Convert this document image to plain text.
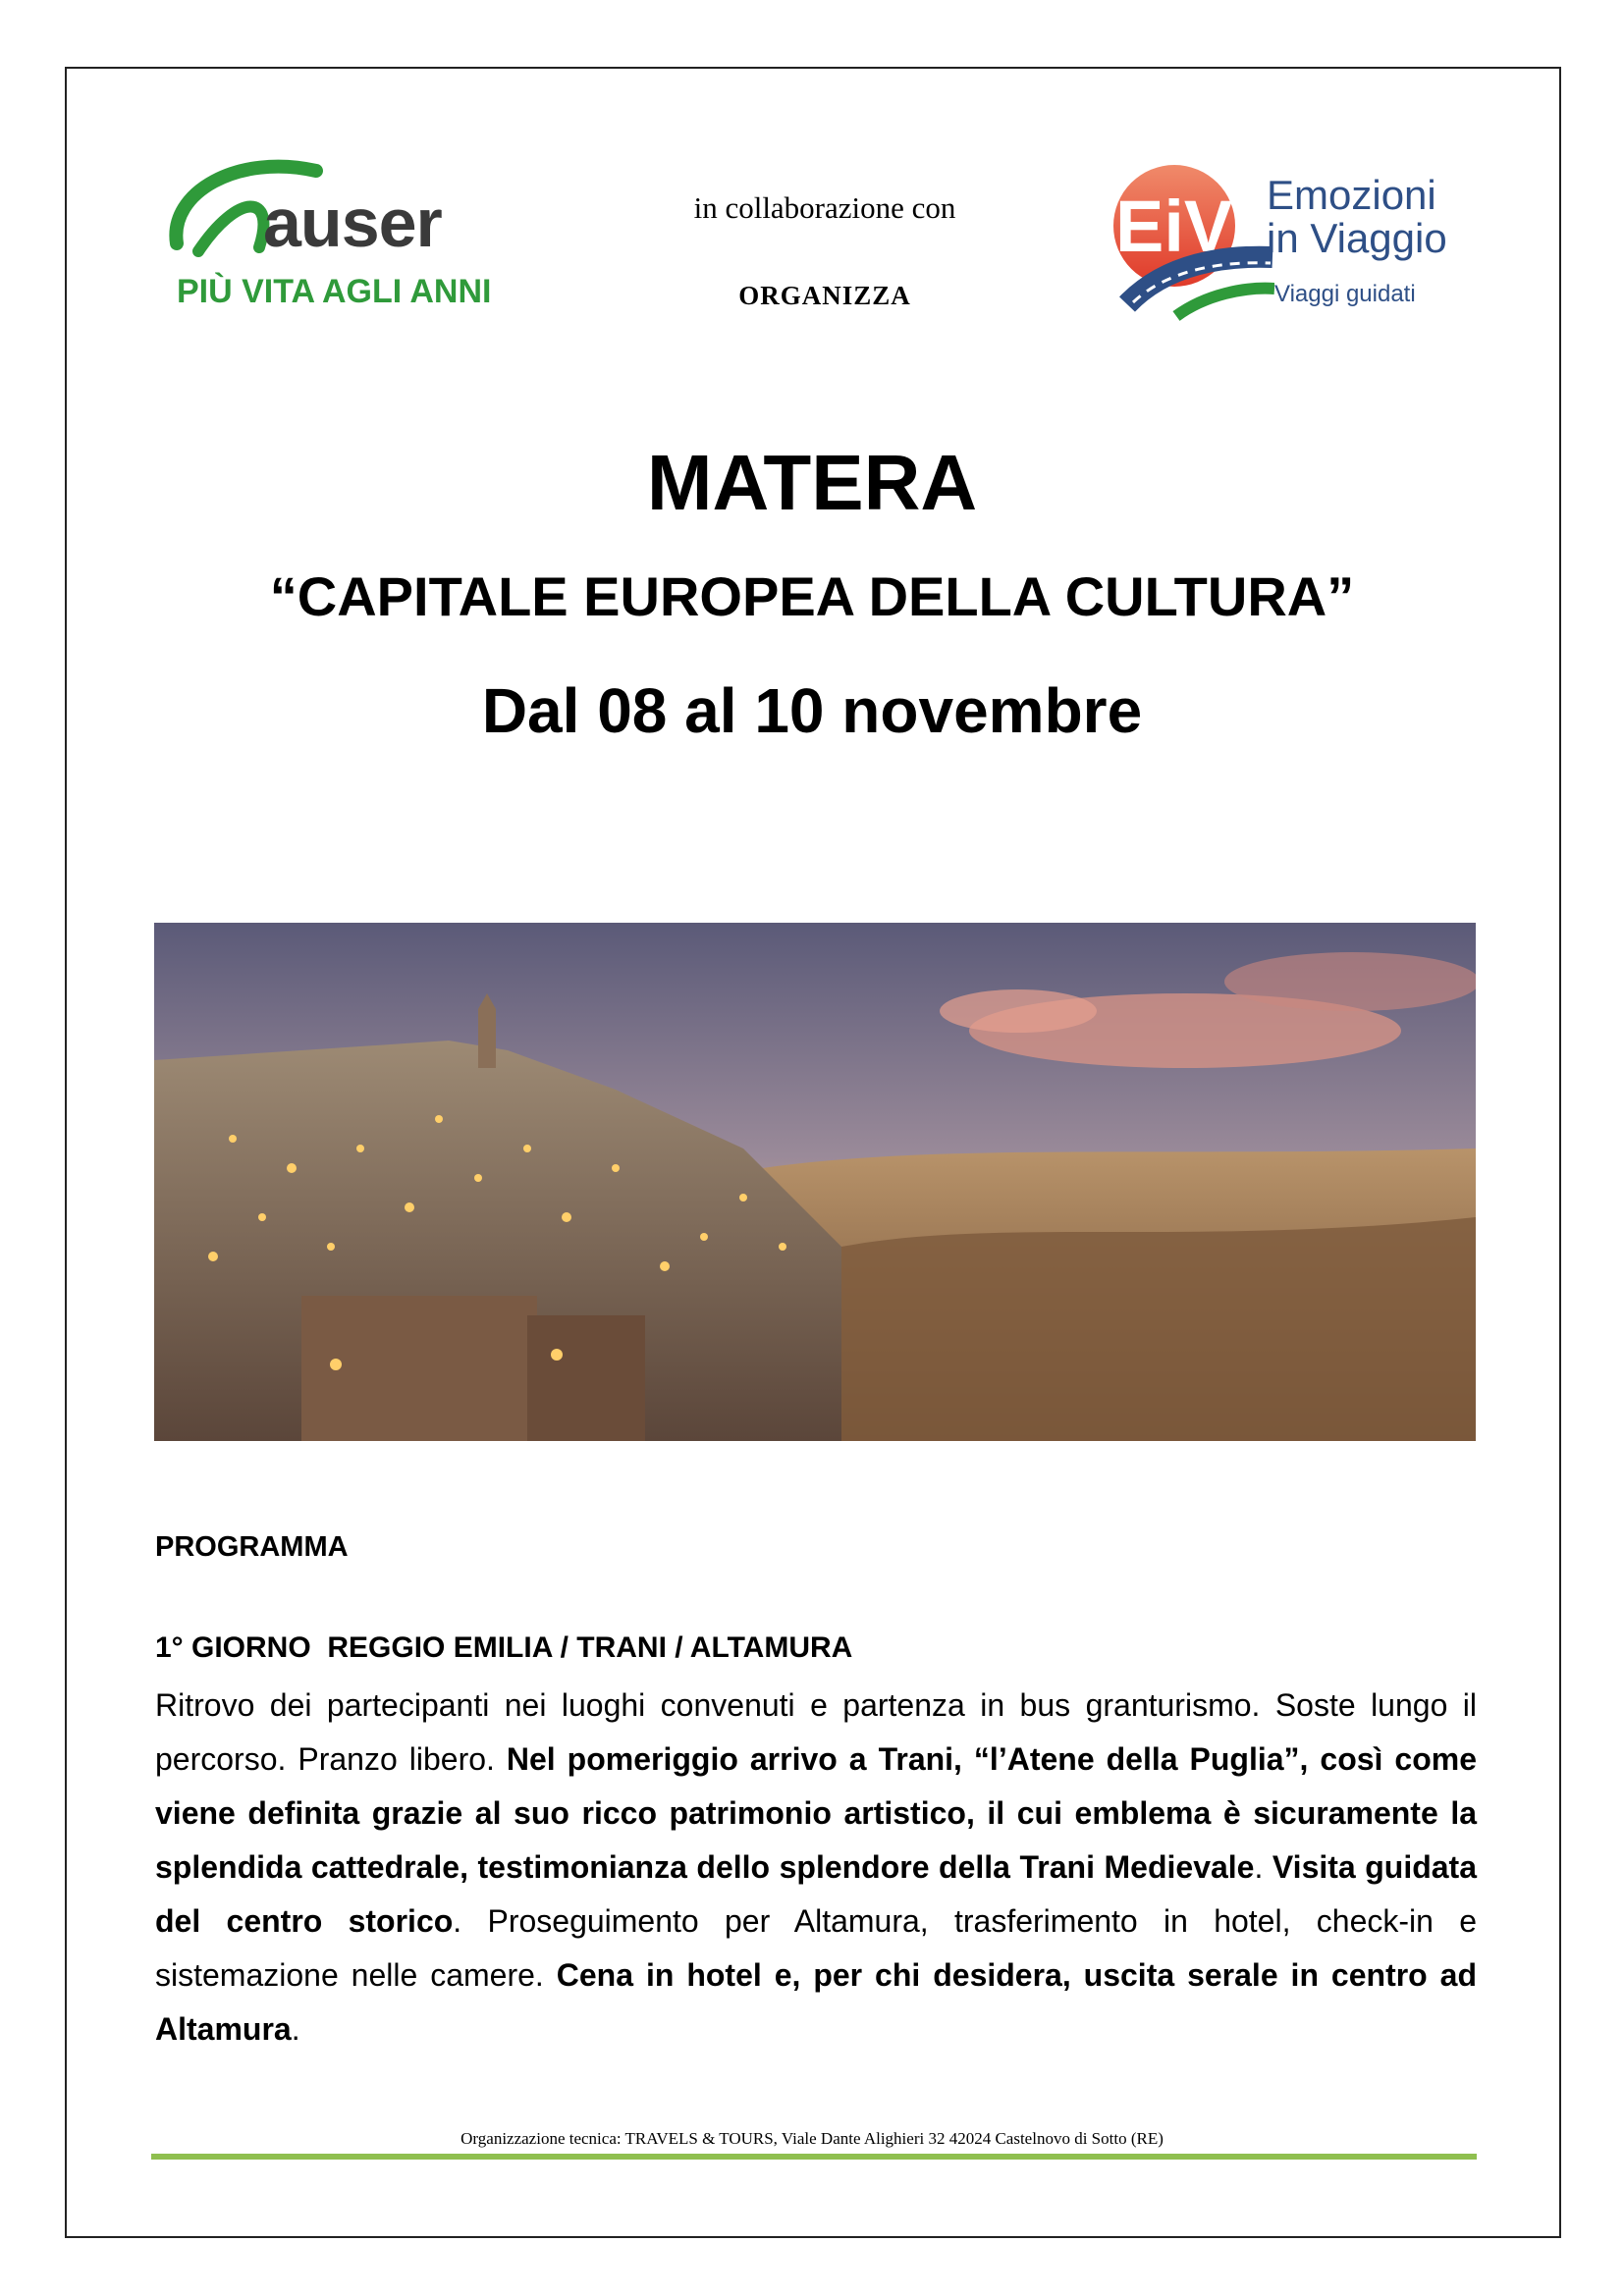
auser
PIÙ VITA AGLI ANNI
in collaborazione con
ORGANIZZA
EiV Emozioni
in Viaggio
Viaggi guidati
MATERA
“CAPITALE EUROPEA DELLA CULTURA”
Dal 08 al 10 novembre
PROGRAMMA
1° GIORNO  REGGIO EMILIA / TRANI / ALTAMURA

Ritrovo dei partecipanti nei luoghi convenuti e partenza in bus granturismo. Soste lungo il percorso. Pranzo libero. Nel pomeriggio arrivo a Trani, “l’Atene della Puglia”, così come viene definita grazie al suo ricco patrimonio artistico, il cui emblema è sicuramente la splendida cattedrale, testimonianza dello splendore della Trani Medievale. Visita guidata del centro storico. Proseguimento per Altamura, trasferimento in hotel, check-in e sistemazione nelle camere. Cena in hotel e, per chi desidera, uscita serale in centro ad Altamura.

Organizzazione tecnica: TRAVELS & TOURS, Viale Dante Alighieri 32 42024 Castelnovo di Sotto (RE)
